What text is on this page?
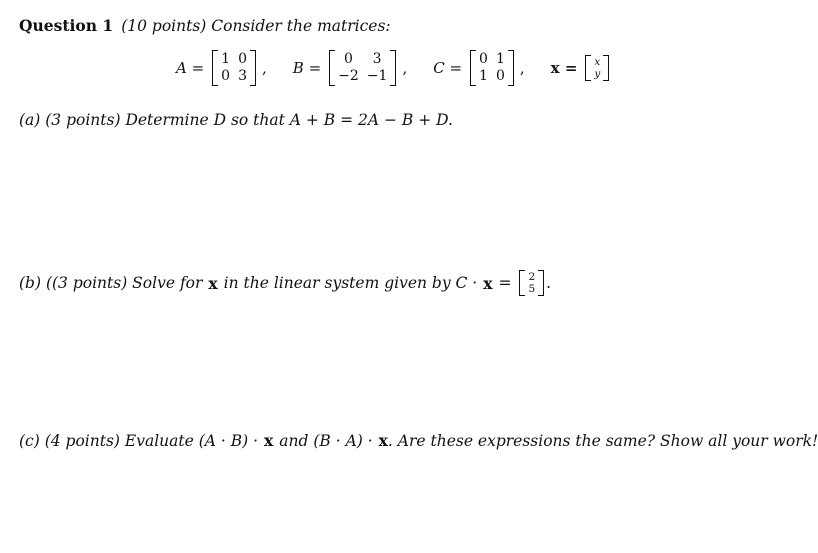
Question 1 (10 points) Consider the matrices:
A = 1 0
0 3 , B =	0	3
−2 −1 , C = 0 1
1 0 , x = x
y
(a) (3 points) Determine D so that A + B = 2A − B + D.
(b) ((3 points) Solve for x in the linear system given by C · x = 2
5 .
(c) (4 points) Evaluate (A · B) · x and (B · A) · x . Are these expressions the same? Show all your work!
